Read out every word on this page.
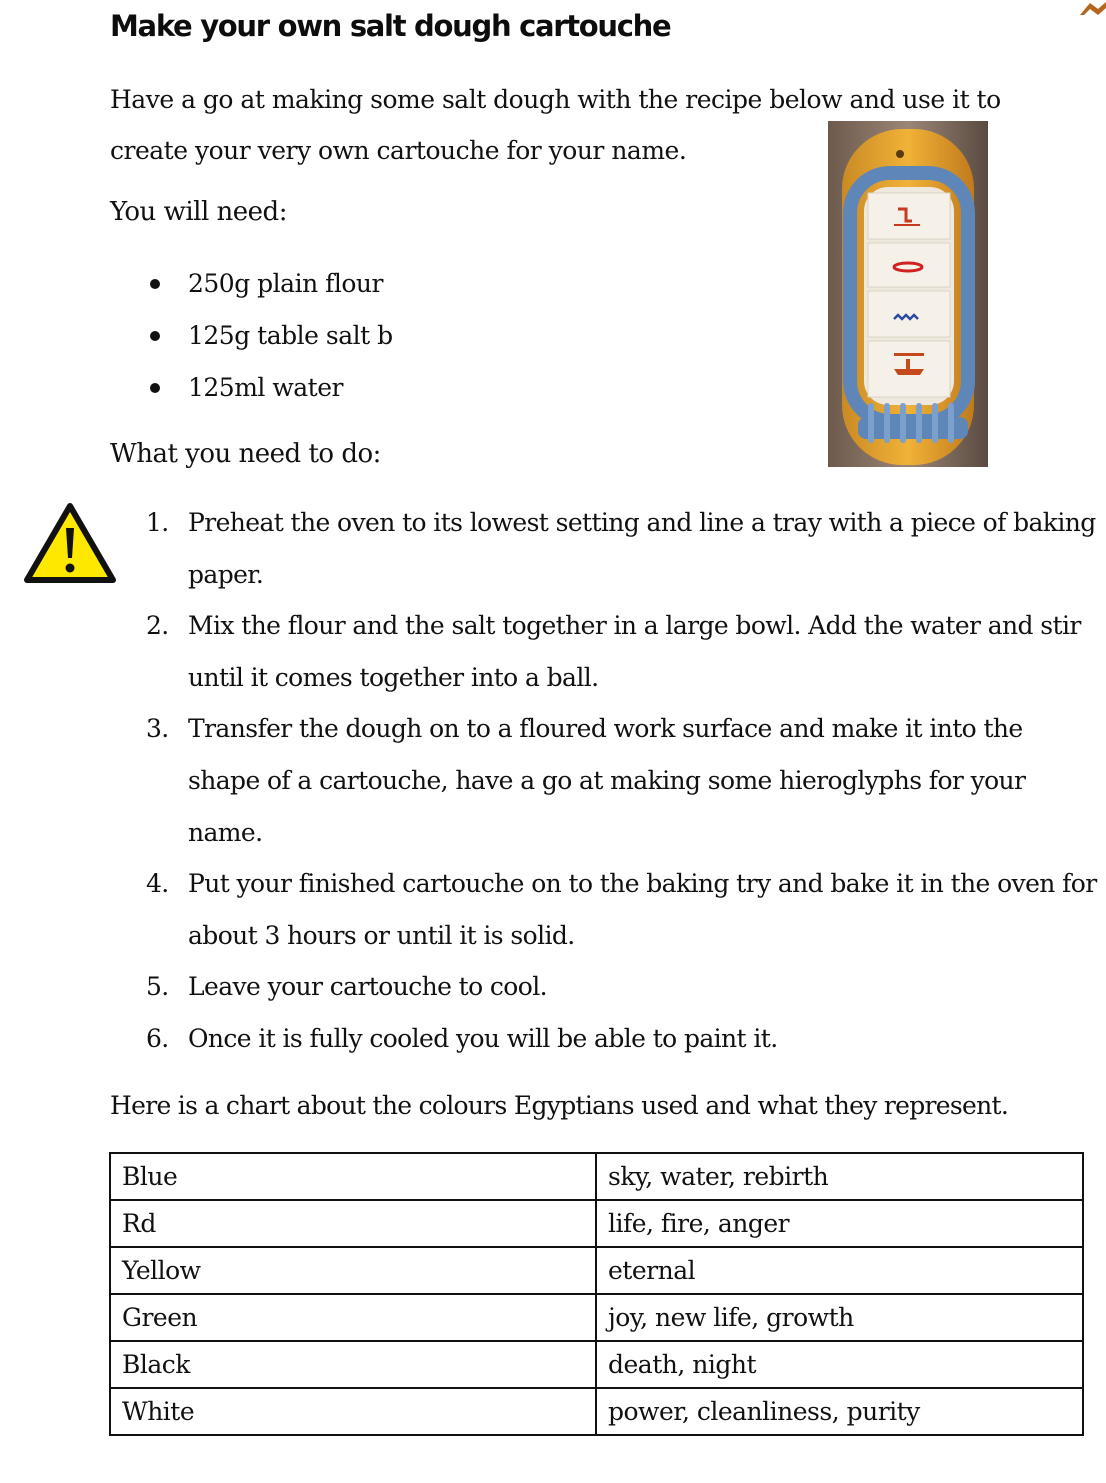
Make your own salt dough cartouche

Have a go at making some salt dough with the recipe below and use it to create your very own cartouche for your name.

You will need:

250g plain flour
125g table salt b
125ml water

What you need to do:

1. Preheat the oven to its lowest setting and line a tray with a piece of baking paper.
2. Mix the flour and the salt together in a large bowl. Add the water and stir until it comes together into a ball.
3. Transfer the dough on to a floured work surface and make it into the shape of a cartouche, have a go at making some hieroglyphs for your name.
4. Put your finished cartouche on to the baking try and bake it in the oven for about 3 hours or until it is solid.
5. Leave your cartouche to cool.
6. Once it is fully cooled you will be able to paint it.

Here is a chart about the colours Egyptians used and what they represent.

Blue	sky, water, rebirth
Rd	life, fire, anger
Yellow	eternal
Green	joy, new life, growth
Black	death, night
White	power, cleanliness, purity
